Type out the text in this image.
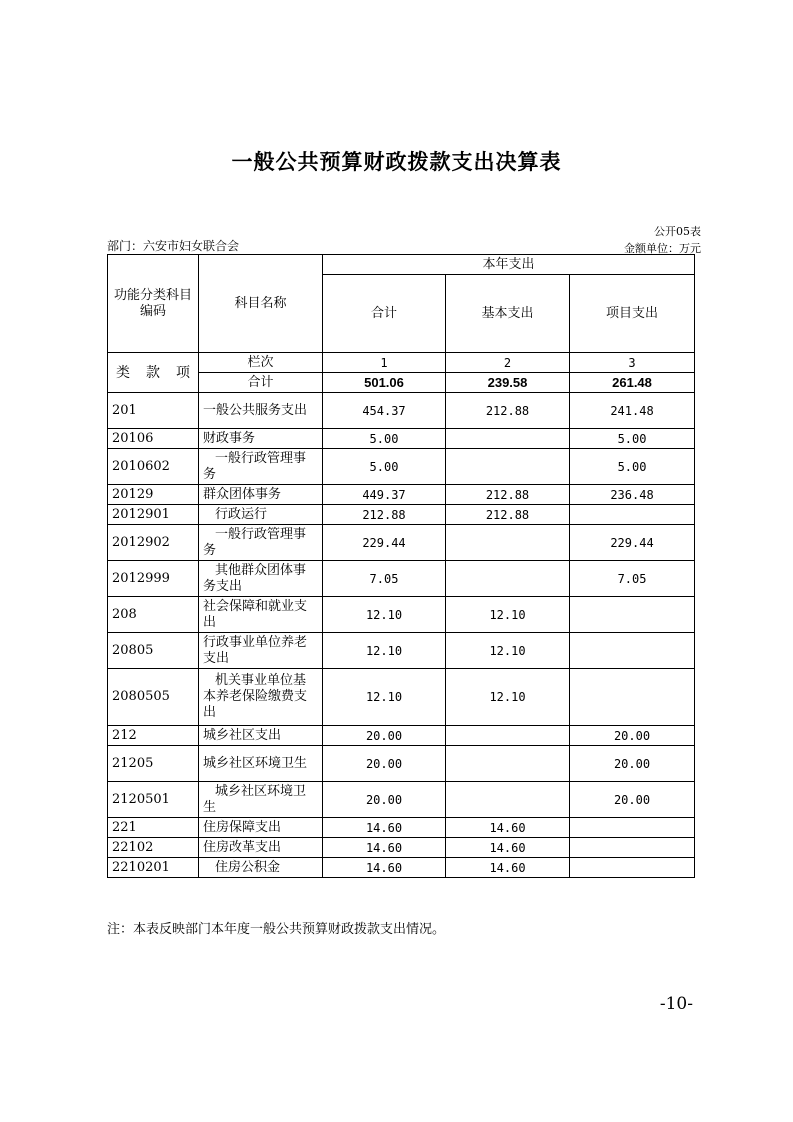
一般公共预算财政拨款支出决算表
公开05表
部门：六安市妇女联合会	金额单位：万元
功能分类科目编码	科目名称	本年支出		
		合计	基本支出	项目支出

类 款 项	栏次	1	2	3
	合计	501.06	239.58	261.48
201	一般公共服务支出	454.37	212.88	241.48
20106	财政事务	5.00		5.00
2010602	一般行政管理事务	5.00		5.00
20129	群众团体事务	449.37	212.88	236.48
2012901	行政运行	212.88	212.88	
2012902	一般行政管理事务	229.44		229.44
2012999	其他群众团体事务支出	7.05		7.05
208	社会保障和就业支出	12.10	12.10	
20805	行政事业单位养老支出	12.10	12.10	
2080505	机关事业单位基本养老保险缴费支出	12.10	12.10	
212	城乡社区支出	20.00		20.00
21205	城乡社区环境卫生	20.00		20.00
2120501	城乡社区环境卫生	20.00		20.00
221	住房保障支出	14.60	14.60	
22102	住房改革支出	14.60	14.60	
2210201	住房公积金	14.60	14.60	
注：本表反映部门本年度一般公共预算财政拨款支出情况。
-10-
